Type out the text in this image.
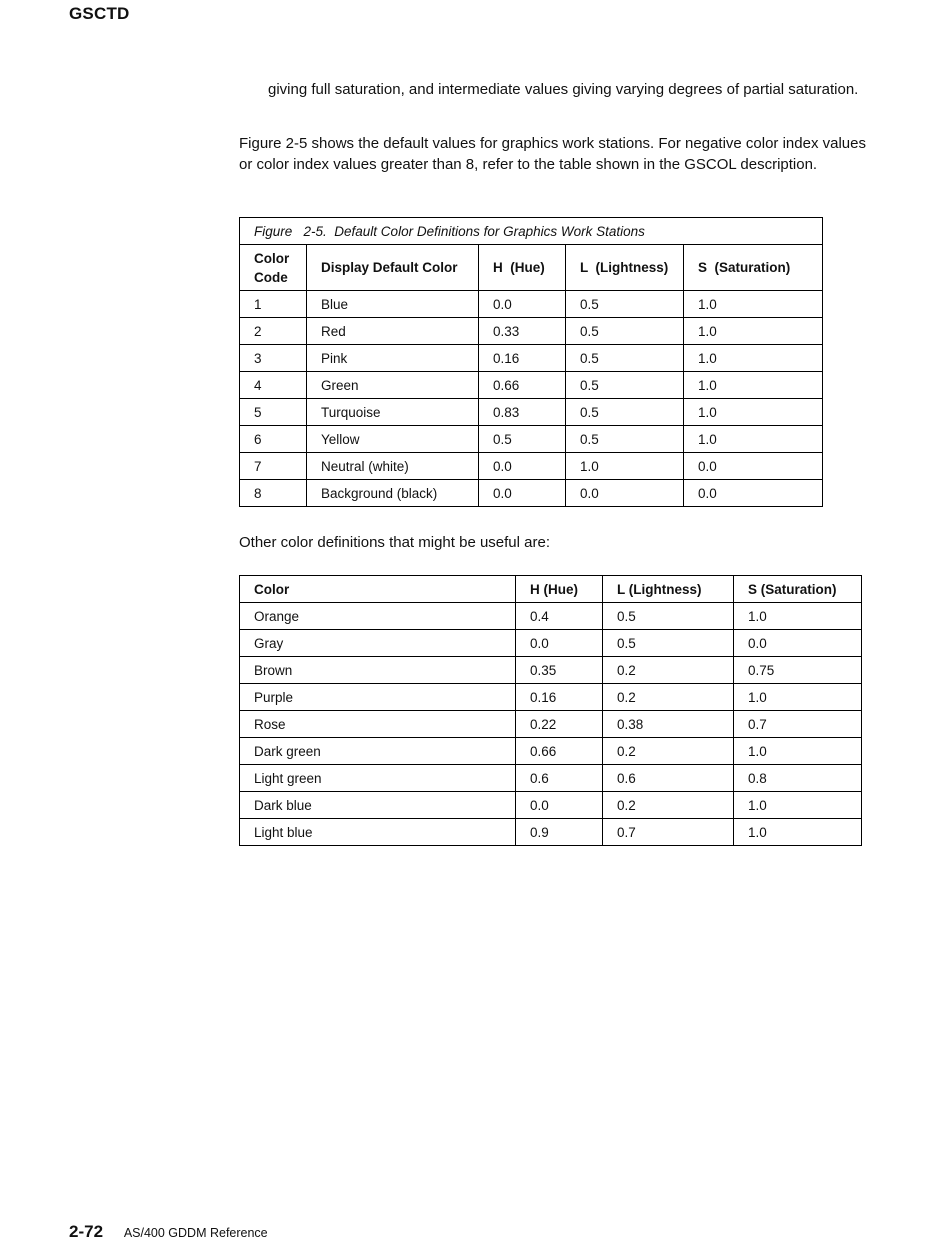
GSCTD

giving full saturation, and intermediate values giving varying degrees of partial saturation.

Figure 2-5 shows the default values for graphics work stations. For negative color index values or color index values greater than 8, refer to the table shown in the GSCOL description.

Figure   2-5.  Default Color Definitions for Graphics Work Stations				
Color Code	Display Default Color	H  (Hue)	L  (Lightness)	S  (Saturation)
1	Blue	0.0	0.5	1.0
2	Red	0.33	0.5	1.0
3	Pink	0.16	0.5	1.0
4	Green	0.66	0.5	1.0
5	Turquoise	0.83	0.5	1.0
6	Yellow	0.5	0.5	1.0
7	Neutral (white)	0.0	1.0	0.0
8	Background (black)	0.0	0.0	0.0

Other color definitions that might be useful are:

Color	H (Hue)	L (Lightness)	S (Saturation)
Orange	0.4	0.5	1.0
Gray	0.0	0.5	0.0
Brown	0.35	0.2	0.75
Purple	0.16	0.2	1.0
Rose	0.22	0.38	0.7
Dark green	0.66	0.2	1.0
Light green	0.6	0.6	0.8
Dark blue	0.0	0.2	1.0
Light blue	0.9	0.7	1.0
2-72 AS/400 GDDM Reference
